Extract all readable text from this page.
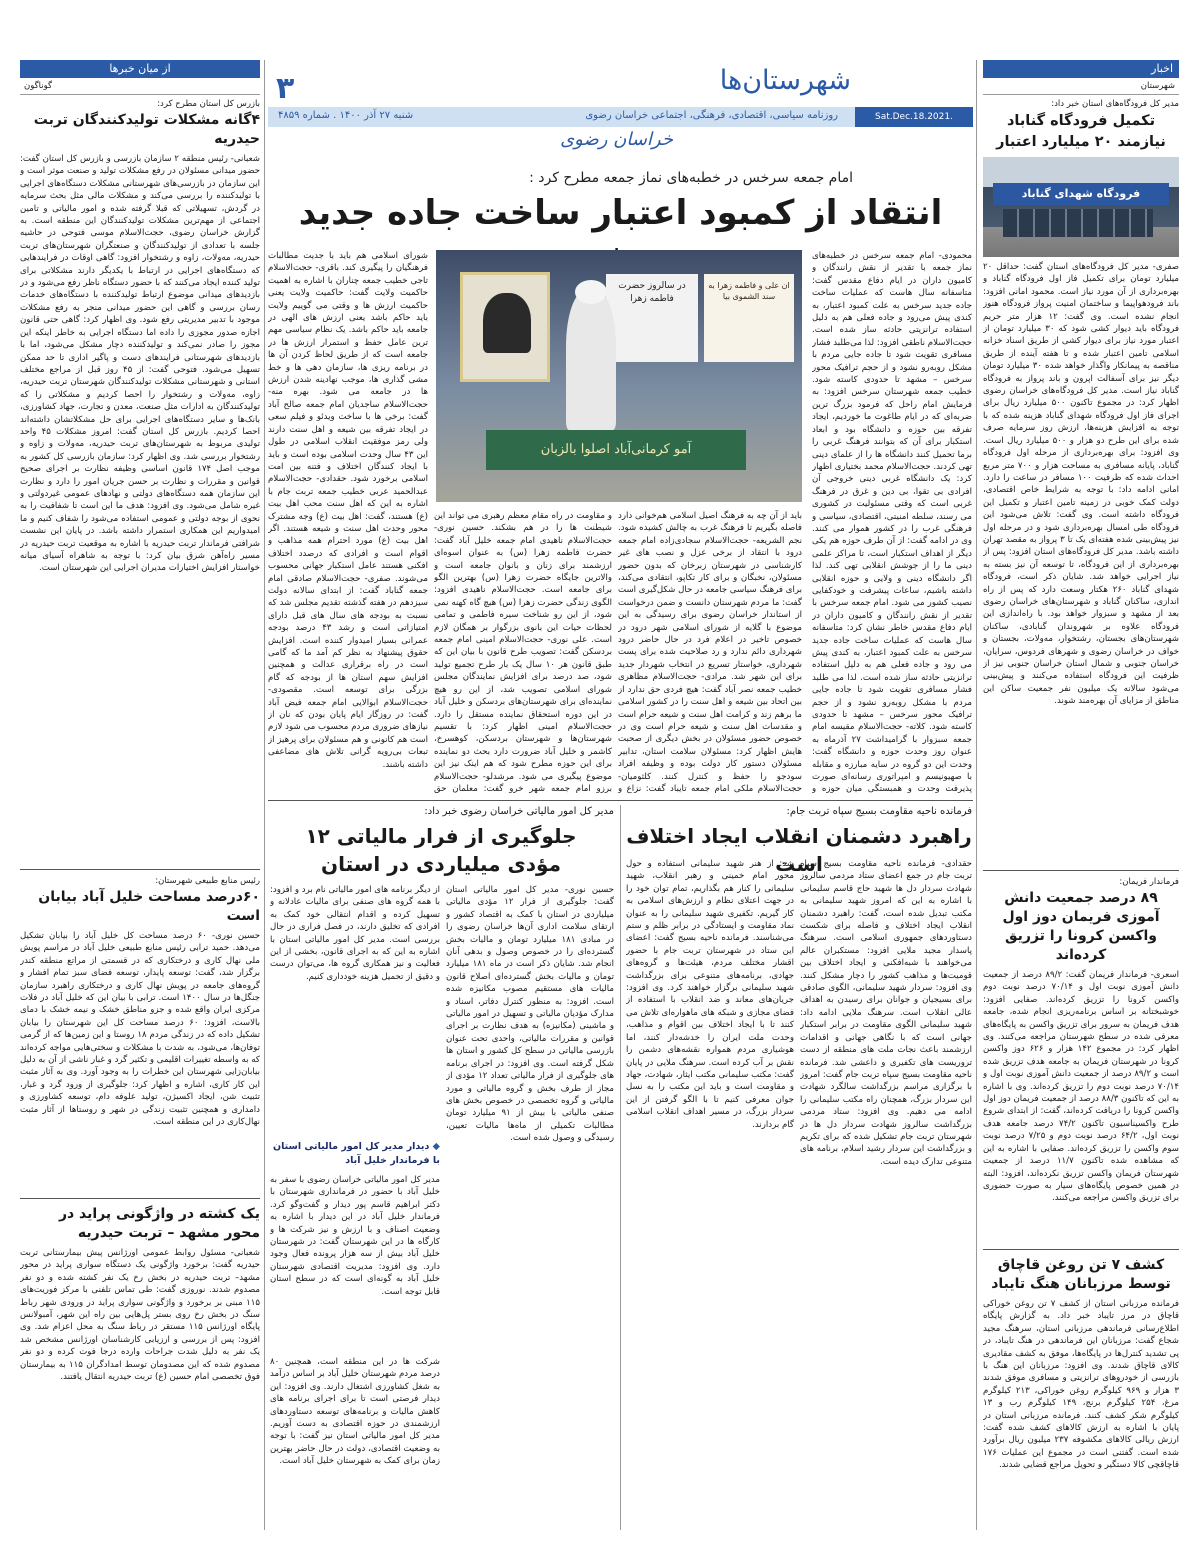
شهرستان‌ها
۳
Sat.Dec.18.2021. No.4859
روزنامه سیاسی، اقتصادی، فرهنگی، اجتماعی خراسان رضوی
شنبه ۲۷ آذر ۱۴۰۰ . شماره ۴۸۵۹
خراسان رضوی
اخبار
شهرستان
مدیر کل فرودگاه‌های استان خبر داد:
تکمیل فرودگاه گناباد نیازمند ۲۰ میلیارد اعتبار
فرودگاه شهدای گناباد
صفری- مدیر کل فرودگاه‌های استان گفت: حداقل ۲۰ میلیارد تومان برای تکمیل فاز اول فرودگاه گناباد و بهره‌برداری از آن مورد نیاز است. محمود امانی افزود: باند فرودهواپیما و ساختمان امنیت پرواز فرودگاه هنوز انجام نشده است. وی گفت: ۱۲ هزار متر حریم فرودگاه باید دیوار کشی شود که ۳۰ میلیارد تومان از اعتبار مورد نیاز برای دیوار کشی از طریق اسناد خزانه اسلامی تامین اعتبار شده و تا هفته آینده از طریق مناقصه به پیمانکار واگذار خواهد شده ۳۰ میلیارد تومان دیگر نیز برای آسفالت اپرون و باند پرواز به فرودگاه گناباد نیاز است. مدیر کل فرودگاه‌های خراسان رضوی اظهار کرد: در مجموع تاکنون ۵۰۰ میلیارد ریال برای اجرای فاز اول فرودگاه شهدای گناباد هزینه شده که با توجه به افزایش هزینه‌ها، ارزش روز سرمایه صرف شده برای این طرح دو هزار و ۵۰۰ میلیارد ریال است. وی افزود: برای بهره‌برداری از مرحله اول فرودگاه گناباد، پایانه مسافری به مساحت هزار و ۷۰۰ متر مربع احداث شده که ظرفیت ۱۰۰ مسافر در ساعت را دارد. امانی ادامه داد: با توجه به شرایط خاص اقتصادی، دولت کمک خوبی در زمینه تامین اعتبار و تکمیل این فرودگاه داشته است. وی گفت: تلاش می‌شود این فرودگاه طی امسال بهره‌برداری شود و در مرحله اول نیز پیش‌بینی شده هفته‌ای یک تا ۳ پرواز به مقصد تهران داشته باشد. مدیر کل فرودگاه‌های استان افزود: پس از بهره‌برداری از این فرودگاه، تا توسعه آن نیز بسته به نیاز اجرایی خواهد شد. شایان ذکر است، فرودگاه شهدای گناباد ۲۶۰ هکتار وسعت دارد که پس از راه اندازی، ساکنان گناباد و شهرستان‌های خراسان رضوی بعد از مشهد و سبزوار خواهد بود. با راه‌اندازی این فرودگاه علاوه بر شهروندان گنابادی، ساکنان شهرستان‌های بجستان، رشتخوار، مه‌ولات، بجستان و خواف در خراسان رضوی و شهرهای فردوس، سرایان، خراسان جنوبی و شمال استان خراسان جنوبی نیز از ظرفیت این فرودگاه استفاده می‌کنند و پیش‌بینی می‌شود سالانه یک میلیون نفر جمعیت ساکن این مناطق از مزایای آن بهره‌مند شوند.
فرماندار فریمان:
۸۹ درصد جمعیت دانش آموزی فریمان دوز اول واکسن کرونا را تزریق کرده‌اند
اسعری- فرماندار فریمان گفت: ۸۹/۲ درصد از جمعیت دانش آموزی نوبت اول و ۷۰/۱۴ درصد نوبت دوم واکسن کرونا را تزریق کرده‌اند. صفایی افزود: خوشبختانه بر اساس برنامه‌ریزی انجام شده، جامعه هدف فریمان به سرور برای تزریق واکسن به پایگاه‌های معرفی شده در سطح شهرستان مراجعه می‌کنند. وی اظهار کرد: در مجموع ۱۴۲ هزار و ۶۲۶ دوز واکسن کرونا در شهرستان فریمان به جامعه هدف تزریق شده است و ۸۹/۲ درصد از جمعیت دانش آموزی نوبت اول و ۷۰/۱۴ درصد نوبت دوم را تزریق کرده‌اند. وی با اشاره به این که تاکنون ۸۸/۳ درصد از جمعیت فریمان دوز اول واکسن کرونا را دریافت کرده‌اند، گفت: از ابتدای شروع طرح واکسیناسیون تاکنون ۷۴/۲ درصد جامعه هدف نوبت اول، ۶۴/۲ درصد نوبت دوم و ۷/۲۵ درصد نوبت سوم واکسن را تزریق کرده‌اند. صفایی با اشاره به این که مشاهده شده تاکنون ۱۱/۷ درصد از جمعیت شهرستان فریمان واکسن تزریق نکرده‌اند، افزود: البته در همین خصوص پایگاه‌های سیار به صورت حضوری برای تزریق واکسن مراجعه می‌کنند.
کشف ۷ تن روغن قاچاق توسط مرزبانان هنگ تایباد
فرمانده مرزبانی استان از کشف ۷ تن روغن خوراکی قاچاق در مرز تایباد خبر داد. به گزارش پایگاه اطلاع‌رسانی فرماندهی مرزبانی استان، سرهنگ مجید شجاع گفت: مرزبانان این فرماندهی در هنگ تایباد، در پی تشدید کنترل‌ها در پایگاه‌ها، موفق به کشف مقادیری کالای قاچاق شدند. وی افزود: مرزبانان این هنگ با بازرسی از خودروهای ترانزیتی و مسافری موفق شدند ۳ هزار و ۹۶۹ کیلوگرم روغن خوراکی، ۲۱۳ کیلوگرم مرغ، ۲۵۴ کیلوگرم برنج، ۱۴۹ کیلوگرم رب و ۱۳ کیلوگرم شکر کشف کنند. فرمانده مرزبانی استان در پایان با اشاره به ارزش کالاهای کشف شده گفت: ارزش ریالی کالاهای مکشوفه ۲۳۷ میلیون ریال برآورد شده است. گفتنی است در مجموع این عملیات ۱۷۶ قاچاقچی کالا دستگیر و تحویل مراجع قضایی شدند.
از میان خبرها
گوناگون
بازرس کل استان مطرح کرد:
۴گانه مشکلات تولیدکنندگان تربت حیدریه
شعبانی- رئیس منطقه ۲ سازمان بازرسی و بازرس کل استان گفت: حضور میدانی مسئولان در رفع مشکلات تولید و صنعت موثر است و این سازمان در بازرسی‌های شهرستانی مشکلات دستگاه‌های اجرایی با تولیدکننده را بررسی می‌کند و مشکلات مالی مثل بحث سرمایه در گردش، تسهیلاتی که قبلا گرفته شده و امور مالیاتی و تامین اجتماعی از مهم‌ترین مشکلات تولیدکنندگان این منطقه است. به گزارش خراسان رضوی، حجت‌الاسلام موسی فتوحی در حاشیه جلسه با تعدادی از تولیدکنندگان و صنعتگران شهرستان‌های تربت حیدریه، مه‌ولات، زاوه و رشتخوار افزود: گاهی اوقات در فرایندهایی که دستگاه‌های اجرایی در ارتباط با یکدیگر دارند مشکلاتی برای تولید کننده ایجاد می‌کنند که با حضور دستگاه ناظر رفع می‌شود و در بازدیدهای میدانی موضوع ارتباط تولیدکننده با دستگاه‌های خدمات رسان بررسی و گاهی این حضور میدانی منجر به رفع مشکلات موجود با تدبیر مدیریتی رفع شود. وی اظهار کرد: گاهی حتی قانون اجازه صدور مجوزی را داده اما دستگاه اجرایی به خاطر اینکه این مجوز را صادر نمی‌کند و تولیدکننده دچار مشکل می‌شود، اما با بازدیدهای شهرستانی فرایندهای دست و پاگیر اداری تا حد ممکن تسهیل می‌شود. فتوحی گفت: از ۴۵ روز قبل از مراجع مختلف استانی و شهرستانی مشکلات تولیدکنندگان شهرستان تربت حیدریه، زاوه، مه‌ولات و رشتخوار را احصا کردیم و مشکلاتی را که تولیدکنندگان به ادارات مثل صنعت، معدن و تجارت، جهاد کشاورزی، بانک‌ها و سایر دستگاه‌های اجرایی برای حل مشکلاتشان داشته‌اند احصا کردیم. بازرس کل استان گفت: امروز مشکلات ۴۵ واحد تولیدی مربوط به شهرستان‌های تربت حیدریه، مه‌ولات و زاوه و رشتخوار بررسی شد. وی اظهار کرد: سازمان بازرسی کل کشور به موجب اصل ۱۷۴ قانون اساسی وظیفه نظارت بر اجرای صحیح قوانین و مقررات و نظارت بر حسن جریان امور را دارد و نظارت این سازمان همه دستگاه‌های دولتی و نهادهای عمومی غیردولتی و غیره شامل می‌شود. وی افزود: هدف ما این است تا شفافیت را به نحوی از بوجه دولتی و عمومی استفاده می‌شود را شفاف کنیم و ما امیدواریم این همکاری استمرار داشته باشد. در پایان این نشست شرافتی فرماندار تربت حیدریه با اشاره به موقعیت تربت حیدریه در مسیر راه‌آهن شرق بیان کرد: با توجه به شاهراه آسیای میانه خواستار افزایش اختیارات مدیران اجرایی این شهرستان است.
رئیس منابع طبیعی شهرستان:
۶۰درصد مساحت خلیل آباد بیابان است
حسین نوری- ۶۰ درصد مساحت کل خلیل آباد را بیابان تشکیل می‌دهد. حمید ترابی رئیس منابع طبیعی خلیل آباد در مراسم پویش ملی نهال کاری و درختکاری که در قسمتی از مراتع منطقه کندر برگزار شد، گفت: توسعه پایدار، توسعه فضای سبز تمام افشار و گروه‌های جامعه در پویش نهال کاری و درختکاری راهبرد سازمان جنگل‌ها در سال ۱۴۰۰ است. ترابی با بیان این که خلیل آباد در فلات مرکزی ایران واقع شده و جزو مناطق خشک و نیمه خشک با دمای بالاست، افزود: ۶۰ درصد مساحت کل این شهرستان را بیابان تشکیل داده که در زندگی مردم ۱۸ روستا و این زمین‌ها که از گرمی توفان‌ها، می‌شود، به شدت با مشکلات و سختی‌هایی مواجه کرده‌اند که به واسطه تغییرات اقلیمی و تکثیر گرد و غبار ناشی از آن به دلیل بیابان‌زایی شهرستان این خطرات را به وجود آورد. وی به آثار مثبت این کار کاری، اشاره و اظهار کرد: جلوگیری از ورود گرد و غبار، تثبیت شن، ایجاد اکسیژن، تولید علوفه دام، توسعه کشاورزی و دامداری و همچنین تثبیت زندگی در شهر و روستاها از آثار مثبت نهال‌کاری در این منطقه است.
یک کشته در واژگونی پراید در محور مشهد – تربت حیدریه
شعبانی- مسئول روابط عمومی اورژانس پیش بیمارستانی تربت حیدریه گفت: برخورد واژگونی یک دستگاه سواری پراید در محور مشهد– تربت حیدریه در بخش رخ یک نفر کشته شده و دو نفر مصدوم شدند. نوروزی گفت: طی تماس تلفنی با مرکز فوریت‌های ۱۱۵ مبنی بر برخورد و واژگونی سواری پراید در ورودی شهر رباط سنگ در بخش رخ روی بستر پل‌هایی بین راه این شهر، آمبولانس پایگاه اورژانس ۱۱۵ مستقر در رباط سنگ به محل اعزام شد. وی افزود: پس از بررسی و ارزیابی کارشناسان اورژانس مشخص شد یک نفر به دلیل شدت جراحات وارده درجا فوت کرده و دو نفر مصدوم شده که این مصدومان توسط امدادگران ۱۱۵ به بیمارستان فوق تخصصی امام حسین (ع) تربت حیدریه انتقال یافتند.
امام جمعه سرخس در خطبه‌های نماز جمعه مطرح کرد :
انتقاد از کمبود اعتبار ساخت جاده جدید
محمودی- امام جمعه سرخس در خطبه‌های نماز جمعه با تقدیر از نقش رانندگان و کامیون داران در ایام دفاع مقدس گفت: متاسفانه سال هاست که عملیات ساخت جاده جدید سرخس به علت کمبود اعتبار، به کندی پیش می‌رود و جاده فعلی هم به دلیل استفاده ترانزیتی حادثه ساز شده است. حجت‌الاسلام ناطقی افزود: لذا می‌طلبد فشار مسافری تقویت شود تا جاده جایی مردم با مشکل روبه‌رو نشود و از حجم ترافیک محور سرخس – مشهد تا حدودی کاسته شود. خطیب جمعه شهرستان سرخس افزود: به فرمایش امام راحل که فرمود بزرگ ترین ضربه‌ای که در ایام طاغوت ما خوردیم، ایجاد تفرقه بین حوزه و دانشگاه بود و ابعاد استکبار برای آن که بتوانند فرهنگ غربی را برما تحمیل کنند دانشگاه ها را از علمای دینی تهی کردند. حجت‌الاسلام محمد بختیاری اظهار کرد: یک دانشگاه غربی دینی خروجی آن افرادی بی تقوا، بی دین و غرق در فرهنگ غربی است که وقتی مسئولیت در کشوری می رسند، سلطه امنیتی، اقتصادی، سیاسی و فرهنگی غرب را در کشور هموار می کنند. وی در ادامه گفت: از آن طرف حوزه هم یکی دیگر از اهداف استکبار است، تا مراکز علمی دینی ما را از جوشش انقلابی تهی کند. لذا اگر دانشگاه دینی و ولایی و حوزه انقلابی داشته باشیم، ساعات پیشرفت و خودکفایی نصیب کشور می شود. امام جمعه سرخس با تقدیر از نقش رانندگان و کامیون داران در ایام دفاع مقدس خاطر نشان کرد: متاسفانه سال هاست که عملیات ساخت جاده جدید سرخس به علت کمبود اعتبار، به کندی پیش می رود و جاده فعلی هم به دلیل استفاده ترانزیتی حادثه ساز شده است. لذا می طلبد فشار مسافری تقویت شود تا جاده جایی مردم با مشکل روبه‌رو نشود و از حجم ترافیک محور سرخس – مشهد تا حدودی کاسته شود. کلاته- حجت‌الاسلام مقیسه امام جمعه سبزوار با گرامیداشت ۲۷ آذرماه به عنوان روز وحدت حوزه و دانشگاه گفت: وحدت این دو گروه در سایه مبارزه و مقابله با صهیونیسم و امپراتوری رسانه‌ای صورت پذیرفت وحدت و همبستگی میان حوزه و
باید از آن چه به فرهنگ اصیل اسلامی هم‌خوانی دارد فاصله بگیریم تا فرهنگ غرب به چالش کشیده شود. نجم الشریعه- حجت‌الاسلام سجادی‌زاده امام جمعه درود با انتقاد از برخی عزل و نصب های غیر کارشناسی در شهرستان زبرخان که بدون حضور مسئولان، نخبگان و برای کار تکاپو، انتقادی می‌کند، برای فرهنگ سیاسی جامعه در حال شکل‌گیری است گفت: ما مردم شهرستان دانست و ضمن درخواست از استاندار خراسان رضوی برای رسیدگی به این موضوع با گلایه از شورای اسلامی شهر درود در خصوص تاخیر در اعلام فرد در حال حاضر درود شهرداری دائم ندارد و رد صلاحیت شده برای پست شهرداری، خواستار تسریع در انتخاب شهردار جدید برای این شهر شد. مرادی- حجت‌الاسلام مظاهری خطیب جمعه نصر آباد گفت: هیچ فردی حق ندارد از بین اتحاد بین شیعه و اهل سنت را در کشور اسلامی ما برهم زند و کرامت اهل سنت و شیعه حرام است و مقدسات اهل سنت و شیعه حرام است وی در خصوص حضور مسئولان در بخش دیگری از صحبت هایش اظهار کرد: مسئولان سلامت استان، تدابیر مسئولان دستور کار دولت بوده و وظیفه افراد سودجو را حفظ و کنترل کنند. کلثومیان- حجت‌الاسلام ملکی امام جمعه تایباد گفت: نزاع و
و مقاومت در راه مقام معظم رهبری می تواند این شیطنت ها را در هم بشکند. حسین نوری- حجت‌الاسلام ناهیدی امام جمعه خلیل آباد گفت: حضرت فاطمه زهرا (س) به عنوان اسوه‌ای ارزشمند برای زنان و بانوان جامعه است و والاترین جایگاه حضرت زهرا (س) بهترین الگو برای جامعه است. حجت‌الاسلام ناهیدی افزود: الگوی زندگی حضرت زهرا (س) هیچ گاه کهنه نمی شود، از این رو شناخت سیره فاطمی و تمامی لحظات حیات این بانوی بزرگوار بر همگان لازم است. علی نوری- حجت‌الاسلام امینی امام جمعه بردسکن گفت: تصویب طرح قانون با بیان این که طبق قانون هر ۱۰ سال یک بار طرح تجمیع تولید شود، صد درصد برای افزایش نمایندگان مجلس شورای اسلامی تصویب شد، از این رو هیچ نماینده‌ای برای شهرستان‌های بردسکن و خلیل آباد در این دوره استحقاق نماینده مستقل را دارد. حجت‌الاسلام امینی اظهار کرد: با تقسیم شهرستان‌ها و شهرستان بردسکن، کوهسرخ، کاشمر و خلیل آباد ضرورت دارد بحث دو نماینده برای این حوزه مطرح شود که هم اینک نیز این موضوع پیگیری می شود. مرشدلو- حجت‌الاسلام برزو امام جمعه شهر خرو گفت: معلمان حق
شورای اسلامی هم باید با جدیت مطالبات فرهنگیان را پیگیری کند. باقری- حجت‌الاسلام تاجی خطیب جمعه چناران با اشاره به اهمیت حاکمیت ولایت گفت: حاکمیت ولایت یعنی حاکمیت ارزش ها و وقتی می گوییم ولایت باید حاکم باشد یعنی ارزش های الهی در جامعه باید حاکم باشد. یک نظام سیاسی مهم ترین عامل حفظ و استمرار ارزش ها در جامعه است که از طریق لحاظ کردن آن ها در برنامه ریزی ها، سازمان دهی ها و خط مشی گذاری ها، موجب نهادینه شدن ارزش ها در جامعه می شود. بهره منه- حجت‌الاسلام ساجدیان امام جمعه صالح آباد گفت: برخی ها با ساخت ویدئو و فیلم سعی در ایجاد تفرقه بین شیعه و اهل سنت دارند ولی رمز موفقیت انقلاب اسلامی در طول این ۴۳ سال وحدت اسلامی بوده است و باید با ایجاد کنندگان اختلاف و فتنه بین امت اسلامی برخورد شود. حقدادی- حجت‌الاسلام عبدالحمید عربی خطیب جمعه تربت جام با اشاره به این که اهل سنت محب اهل بیت (ع) هستند، گفت: اهل بیت (ع) وجه مشترک محور وحدت اهل سنت و شیعه هستند. اگر اهل بیت (ع) مورد احترام همه مذاهب و اقوام است و افرادی که درصدد اختلاف افکنی هستند عامل استکبار جهانی محسوب می‌شوند. صفری- حجت‌الاسلام صادقی امام جمعه گناباد گفت: از ابتدای سالانه دولت سیزدهم در هفته گذشته تقدیم مجلس شد که نسبت به بودجه های سال های قبل دارای امتیازاتی است و رشد ۴۳ درصد بودجه عمرانی بسیار امیدوار کننده است. افزایش حقوق پیشنهاد به نظر کم آمد ما که گامی است در راه برقراری عدالت و همچنین افزایش سهم استان ها از بودجه که گام بزرگی برای توسعه است. مقصودی- حجت‌الاسلام ابوالایی امام جمعه فیض آباد گفت: در روزگار ایام پایان بودن که نان از نیازهای ضروری مردم محسوب می شود لازم است هم کانونی و هم مسئولان برای پرهیز از تبعات بی‌رویه گرانی تلاش های مضاعفی داشته باشند.
در سالروز حضرت فاطمه زهرا
ان علی و فاطمه زهرا به سند الشموی بیا
آمو کرمانی‌آباد اصلوا بالزبان
فرمانده ناحیه مقاومت بسیج سپاه تربت جام:
راهبرد دشمنان انقلاب ایجاد اختلاف است
حقدادی- فرمانده ناحیه مقاومت بسیج سپاه تربت جام در جمع اعضای ستاد مردمی سالروز شهادت سردار دل ها شهید حاج قاسم سلیمانی با اشاره به این که امروز شهید سلیمانی به مکتب تبدیل شده است، گفت: راهبرد دشمنان انقلاب ایجاد اختلاف و فاصله برای شکست دستاوردهای جمهوری اسلامی است. سرهنگ پاسدار مجید ملایی افزود: مستکبران عالم می‌خواهند با شبه‌افکنی و ایجاد اختلاف بین قومیت‌ها و مذاهب کشور را دچار مشکل کنند. وی افزود: سردار شهید سلیمانی، الگوی صادقی برای بسیجیان و جوانان برای رسیدن به اهداف عالی انقلاب است. سرهنگ ملایی ادامه داد: شهید سلیمانی الگوی مقاومت در برابر استکبار جهانی است که با نگاهی جهانی و اقدامات ارزشمند باعث نجات ملت های منطقه از دست تروریست های تکفیری و داعشی شد. فرمانده ناحیه مقاومت بسیج سپاه تربت جام گفت: امروز با برگزاری مراسم بزرگداشت سالگرد شهادت این سردار بزرگ، همچنان راه مکتب سلیمانی را ادامه می دهیم. وی افزود: ستاد مردمی بزرگداشت سالروز شهادت سردار دل ها در شهرستان تربت جام تشکیل شده که برای تکریم و بزرگداشت این سردار رشید اسلام، برنامه های متنوعی تدارک دیده است.
شد: از هنر شهید سلیمانی استفاده و حول محور امام خمینی و رهبر انقلاب، شهید سلیمانی را کنار هم بگذاریم، تمام توان خود را در جهت اعتلای نظام و ارزش‌های اسلامی به کار گیریم. تکفیری شهید سلیمانی را به عنوان نماد مقاومت و ایستادگی در برابر ظلم و ستم می‌شناسند. فرمانده ناحیه بسیج گفت: اعضای این ستاد در شهرستان تربت جام با حضور اقشار مختلف مردم، هیئت‌ها و گروه‌های جهادی، برنامه‌های متنوعی برای بزرگداشت شهید سلیمانی برگزار خواهند کرد. وی افزود: جریان‌های معاند و ضد انقلاب با استفاده از فضای مجازی و شبکه های ماهواره‌ای تلاش می کنند تا با ایجاد اختلاف بین اقوام و مذاهب، وحدت ملت ایران را خدشه‌دار کنند، اما هوشیاری مردم همواره نقشه‌های دشمن را نقش بر آب کرده است. سرهنگ ملایی در پایان گفت: مکتب سلیمانی مکتب ایثار، شهادت، جهاد و مقاومت است و باید این مکتب را به نسل جوان معرفی کنیم تا با الگو گرفتن از این سردار بزرگ، در مسیر اهداف انقلاب اسلامی گام بردارند.
مدیر کل امور مالیاتی خراسان رضوی خبر داد:
جلوگیری از فرار مالیاتی ۱۲ مؤدی میلیاردی در استان
حسین نوری- مدیر کل امور مالیاتی استان گفت: جلوگیری از فرار ۱۲ مؤدی مالیاتی میلیاردی در استان با کمک به اقتصاد کشور و ارتقای سلامت اداری آن‌ها خراسان رضوی را در مبادی ۱۸۱ میلیارد تومان و مالیات بخش گسترده‌ای را در خصوص وصول و بدهی آنان انجام شد. شایان ذکر است در ماه ۱۸۱ میلیارد تومان و مالیات بخش گسترده‌ای اصلاح قانون مالیات های مستقیم مصوب مکانیزه شده است. افزود: به منظور کنترل دفاتر، اسناد و مدارک مؤدیان مالیاتی و تسهیل در امور مالیاتی و ماشینی (مکانیزه) به هدف نظارت بر اجرای قوانین و مقررات مالیاتی، واحدی تحت عنوان بازرسی مالیاتی در سطح کل کشور و استان ها شکل گرفته است. وی افزود: در اجرای برنامه های جلوگیری از فرار مالیاتی تعداد ۱۲ مؤدی از مجاز از طرف بخش و گروه مالیاتی و مورد مالیاتی و گروه تخصصی در خصوص بخش های صنفی مالیاتی با بیش از ۹۱ میلیارد تومان مطالبات تکمیلی از ماه‌ها مالیات تعیین، رسیدگی و وصول شده است.
از دیگر برنامه های امور مالیاتی نام برد و افزود: با همه گروه های صنفی برای مالیات عادلانه و تسهیل کرده و اقدام انتقالی خود کمک به افرادی که تخلیق دارند، در فصل فراری در حال بررسی است. مدیر کل امور مالیاتی استان با اشاره به این که به اجرای قانون، بخشی از این فعالیت و نیز همکاری گروه ها، می‌توان درست و دقیق از تحمیل هزینه خودداری کنیم.
◆ دیدار مدیر کل امور مالیاتی استان با فرماندار خلیل آباد
مدیر کل امور مالیاتی خراسان رضوی با سفر به خلیل آباد با حضور در فرمانداری شهرستان با دکتر ابراهیم قاسم پور دیدار و گفت‌وگو کرد. فرماندار خلیل آباد در این دیدار با اشاره به وضعیت اصناف و با ارزش و نیز شرکت ها و کارگاه ها در این شهرستان گفت: در شهرستان خلیل آباد بیش از سه هزار پرونده فعال وجود دارد. وی افزود: مدیریت اقتصادی شهرستان خلیل آباد به گونه‌ای است که در سطح استان قابل توجه است.
شرکت ها در این منطقه است، همچنین ۸۰ درصد مردم شهرستان خلیل آباد بر اساس درآمد به شغل کشاورزی اشتغال دارند. وی افزود: این دیدار فرصتی است تا برای اجرای برنامه های کاهش مالیات و برنامه‌های توسعه دستاوردهای ارزشمندی در حوزه اقتصادی به دست آوریم. مدیر کل امور مالیاتی استان نیز گفت: با توجه به وضعیت اقتصادی، دولت در حال حاضر بهترین زمان برای کمک به شهرستان خلیل آباد است.
